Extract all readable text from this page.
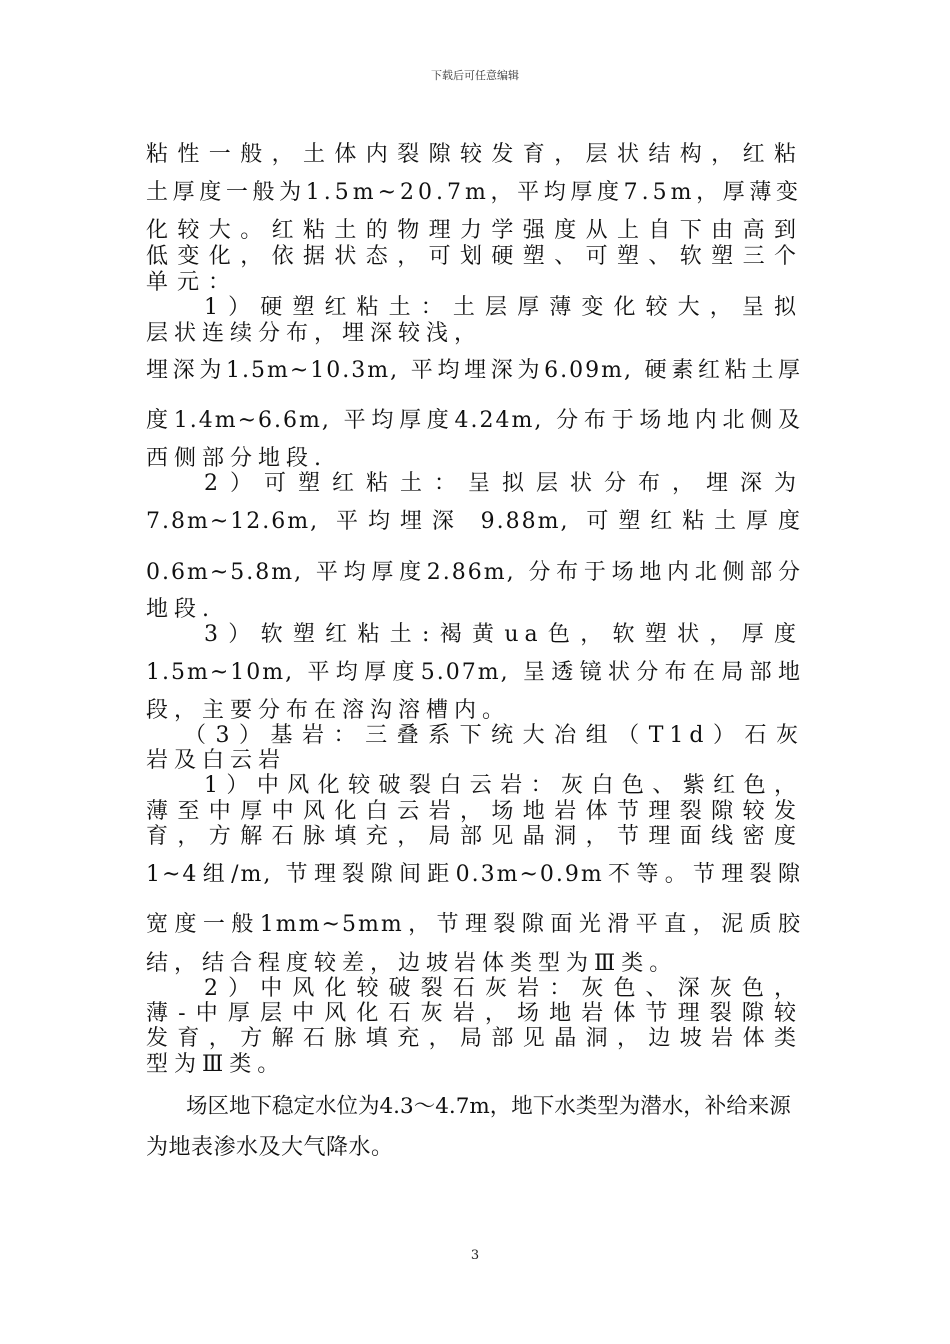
下载后可任意编辑
粘性一般，土体内裂隙较发育，层状结构，红粘
土厚度一般为1.5m~20.7m，平均厚度7.5m，厚薄变
化较大。红粘土的物理力学强度从上自下由高到
低变化，依据状态，可划硬塑、可塑、软塑三个
单元：
1）硬塑红粘土：土层厚薄变化较大，呈拟
层状连续分布，埋深较浅，
埋深为1.5m~10.3m, 平均埋深为6.09m, 硬素红粘土厚
度1.4m~6.6m, 平均厚度4.24m, 分布于场地内北侧及
西侧部分地段.
2）可塑红粘土：呈拟层状分布，埋深为
7.8m~12.6m, 平均埋深 9.88m, 可塑红粘土厚度
0.6m~5.8m, 平均厚度2.86m, 分布于场地内北侧部分
地段.
3）软塑红粘土:褐黄ua色，软塑状，厚度
1.5m~10m, 平均厚度5.07m, 呈透镜状分布在局部地
段，主要分布在溶沟溶槽内。
（3）基岩：三叠系下统大冶组（T1d）石灰
岩及白云岩
1）中风化较破裂白云岩：灰白色、紫红色，
薄至中厚中风化白云岩，场地岩体节理裂隙较发
育，方解石脉填充，局部见晶洞，节理面线密度
1~4组/m, 节理裂隙间距0.3m~0.9m不等。节理裂隙
宽度一般1mm~5mm，节理裂隙面光滑平直，泥质胶
结，结合程度较差，边坡岩体类型为Ⅲ类。
2）中风化较破裂石灰岩：灰色、深灰色，
薄-中厚层中风化石灰岩，场地岩体节理裂隙较
发育，方解石脉填充，局部见晶洞，边坡岩体类
型为Ⅲ类。
场区地下稳定水位为4.3～4.7m，地下水类型为潜水，补给来源
为地表渗水及大气降水。
3
